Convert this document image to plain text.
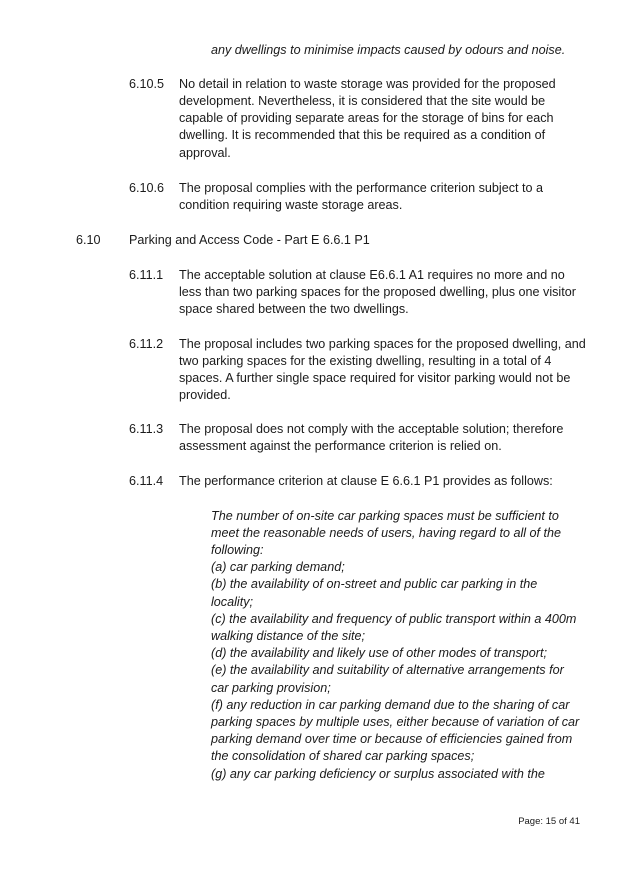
any dwellings to minimise impacts caused by odours and noise.
6.10.5 No detail in relation to waste storage was provided for the proposed
development. Nevertheless, it is considered that the site would be
capable of providing separate areas for the storage of bins for each
dwelling. It is recommended that this be required as a condition of
approval.
6.10.6 The proposal complies with the performance criterion subject to a
condition requiring waste storage areas.
6.10 Parking and Access Code - Part E 6.6.1 P1
6.11.1 The acceptable solution at clause E6.6.1 A1 requires no more and no
less than two parking spaces for the proposed dwelling, plus one visitor
space shared between the two dwellings.
6.11.2 The proposal includes two parking spaces for the proposed dwelling, and
two parking spaces for the existing dwelling, resulting in a total of 4
spaces. A further single space required for visitor parking would not be
provided.
6.11.3 The proposal does not comply with the acceptable solution; therefore
assessment against the performance criterion is relied on.
6.11.4 The performance criterion at clause E 6.6.1 P1 provides as follows:
The number of on-site car parking spaces must be sufficient to
meet the reasonable needs of users, having regard to all of the
following:
(a) car parking demand;
(b) the availability of on-street and public car parking in the
locality;
(c) the availability and frequency of public transport within a 400m
walking distance of the site;
(d) the availability and likely use of other modes of transport;
(e) the availability and suitability of alternative arrangements for
car parking provision;
(f) any reduction in car parking demand due to the sharing of car
parking spaces by multiple uses, either because of variation of car
parking demand over time or because of efficiencies gained from
the consolidation of shared car parking spaces;
(g) any car parking deficiency or surplus associated with the
Page: 15 of 41
